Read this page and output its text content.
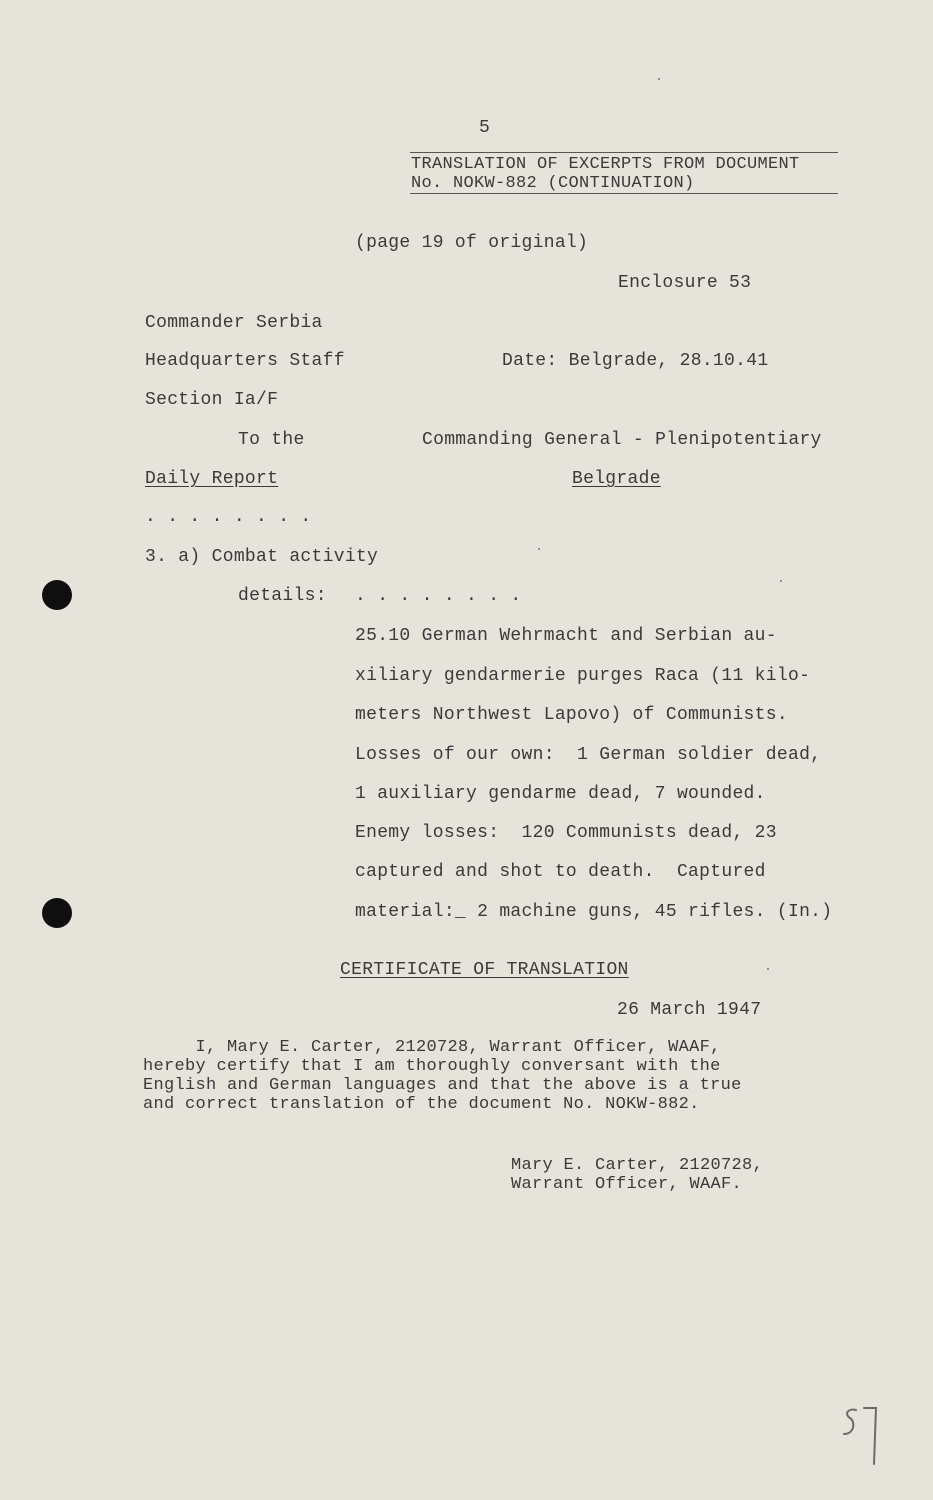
5
TRANSLATION OF EXCERPTS FROM DOCUMENT
No. NOKW-882 (CONTINUATION)
(page 19 of original)
Enclosure 53
Commander Serbia
Headquarters Staff	Date: Belgrade, 28.10.41
Section Ia/F
To the	Commanding General - Plenipotentiary
Daily Report	Belgrade
. . . . . . . .
3. a) Combat activity
details: . . . . . . . .
25.10 German Wehrmacht and Serbian au-
xiliary gendarmerie purges Raca (11 kilo-
meters Northwest Lapovo) of Communists.
Losses of our own:  1 German soldier dead,
1 auxiliary gendarme dead, 7 wounded.
Enemy losses:  120 Communists dead, 23
captured and shot to death.  Captured
material:_ 2 machine guns, 45 rifles. (In.)
CERTIFICATE OF TRANSLATION
26 March 1947
I, Mary E. Carter, 2120728, Warrant Officer, WAAF,
hereby certify that I am thoroughly conversant with the
English and German languages and that the above is a true
and correct translation of the document No. NOKW-882.
Mary E. Carter, 2120728,
Warrant Officer, WAAF.
